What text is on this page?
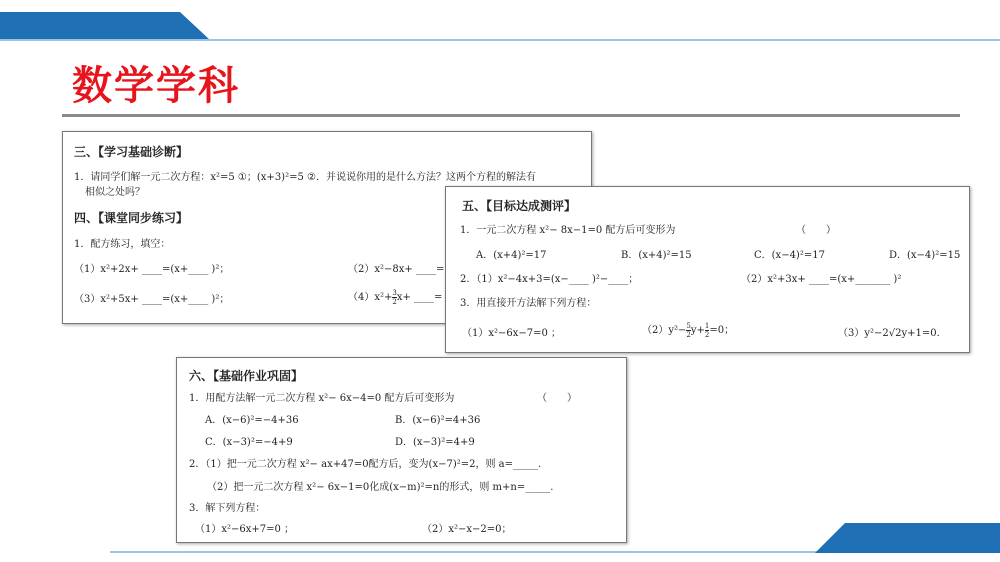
数学学科
三、【学习基础诊断】
1．请同学们解一元二次方程：x²=5 ①；(x+3)²=5 ②．并说说你用的是什么方法？这两个方程的解法有
相似之处吗？
四、【课堂同步练习】
1．配方练习，填空：
（1）x²+2x+ ____=(x+____ )²；	（2）x²−8x+ ____=
（3）x²+5x+ ____=(x+____ )²；	$(4)x^2+ \frac{3}{2} x+$ ____=
六、【基础作业巩固】
1．用配方法解一元二次方程 x²− 6x−4=0 配方后可变形为	（　　）
A．(x−6)²=−4+36	B．(x−6)²=4+36
C．(x−3)²=−4+9	D．(x−3)²=4+9
2．（1）把一元二次方程 x²− ax+47=0配方后，变为(x−7)²=2，则 a=_____.
（2）把一元二次方程 x²− 6x−1=0化成(x−m)²=n的形式，则 m+n=_____.
3．解下列方程：
（1）x²−6x+7=0 ；	（2）x²−x−2=0；
五、【目标达成测评】
1．一元二次方程 x²− 8x−1=0 配方后可变形为	（　　）
A．(x+4)²=17	B．(x+4)²=15	C．(x−4)²=17	D．(x−4)²=15
2．（1）x²−4x+3=(x−____ )²−____；	（2）x²+3x+ ____=(x+_______ )²
3．用直接开方法解下列方程：
（1）x²−6x−7=0 ；	$(2)y^2- \frac{5}{2} y+ \frac{1}{2} =0$；	（3）y²−2√2y+1=0．
